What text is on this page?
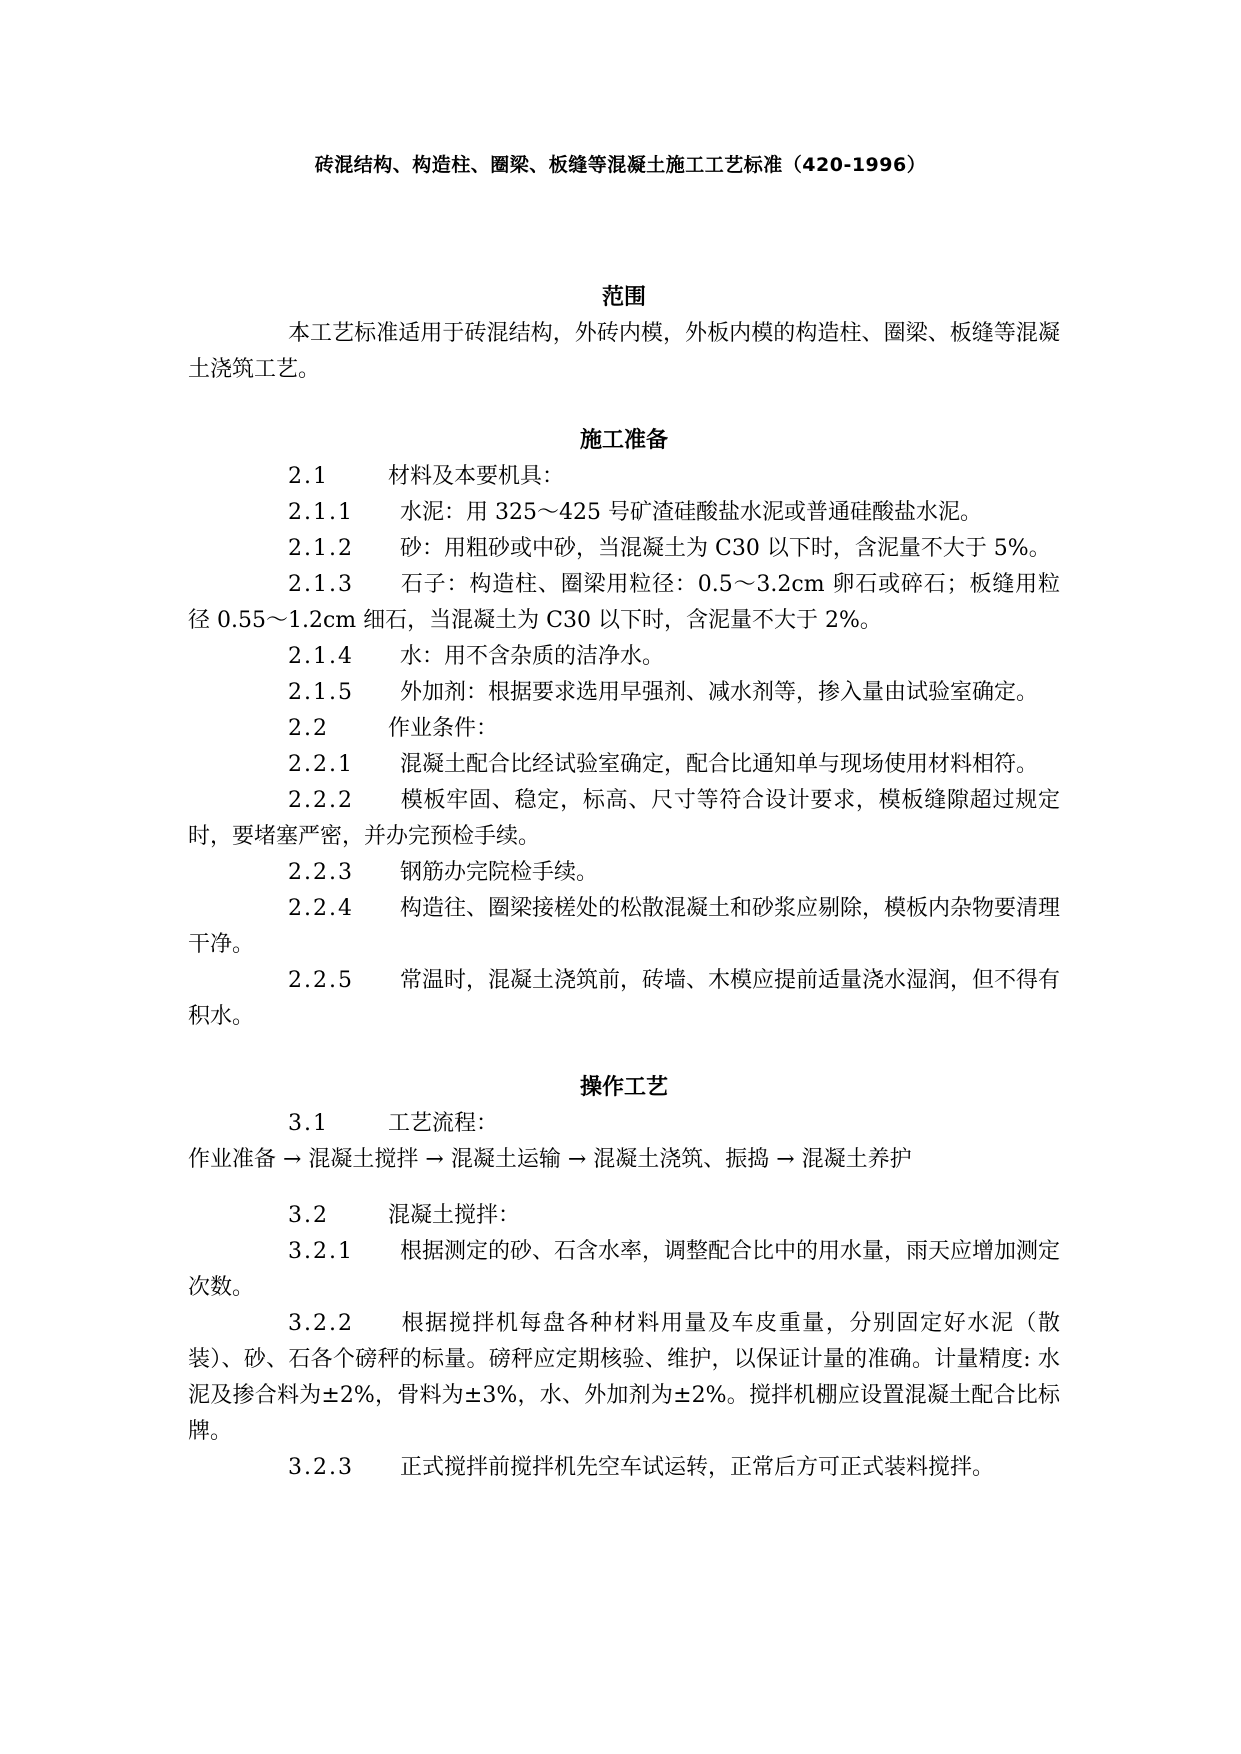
砖混结构、构造柱、圈梁、板缝等混凝土施工工艺标准（420-1996）
范围

本工艺标准适用于砖混结构，外砖内模，外板内模的构造柱、圈梁、板缝等混凝土浇筑工艺。

施工准备

2.1	材料及本要机具：

2.1.1 水泥：用 325～425 号矿渣硅酸盐水泥或普通硅酸盐水泥。

2.1.2 砂：用粗砂或中砂，当混凝土为 C30 以下时，含泥量不大于 5%。

2.1.3 石子：构造柱、圈梁用粒径：0.5～3.2cm 卵石或碎石；板缝用粒径 0.55～1.2cm 细石，当混凝土为 C30 以下时，含泥量不大于 2%。

2.1.4 水：用不含杂质的洁净水。

2.1.5 外加剂：根据要求选用早强剂、减水剂等，掺入量由试验室确定。

2.2	作业条件：

2.2.1 混凝土配合比经试验室确定，配合比通知单与现场使用材料相符。

2.2.2 模板牢固、稳定，标高、尺寸等符合设计要求，模板缝隙超过规定时，要堵塞严密，并办完预检手续。

2.2.3 钢筋办完院检手续。

2.2.4 构造往、圈梁接槎处的松散混凝土和砂浆应剔除，模板内杂物要清理干净。

2.2.5 常温时，混凝土浇筑前，砖墙、木模应提前适量浇水湿润，但不得有积水。

操作工艺

3.1	工艺流程：

作业准备 → 混凝土搅拌 → 混凝土运输 → 混凝土浇筑、振捣 → 混凝土养护

3.2	混凝土搅拌：

3.2.1 根据测定的砂、石含水率，调整配合比中的用水量，雨天应增加测定次数。

3.2.2 根据搅拌机每盘各种材料用量及车皮重量，分别固定好水泥（散装）、砂、石各个磅秤的标量。磅秤应定期核验、维护，以保证计量的准确。计量精度: 水泥及掺合料为±2%，骨料为±3%，水、外加剂为±2%。搅拌机棚应设置混凝土配合比标牌。

3.2.3 正式搅拌前搅拌机先空车试运转，正常后方可正式装料搅拌。
